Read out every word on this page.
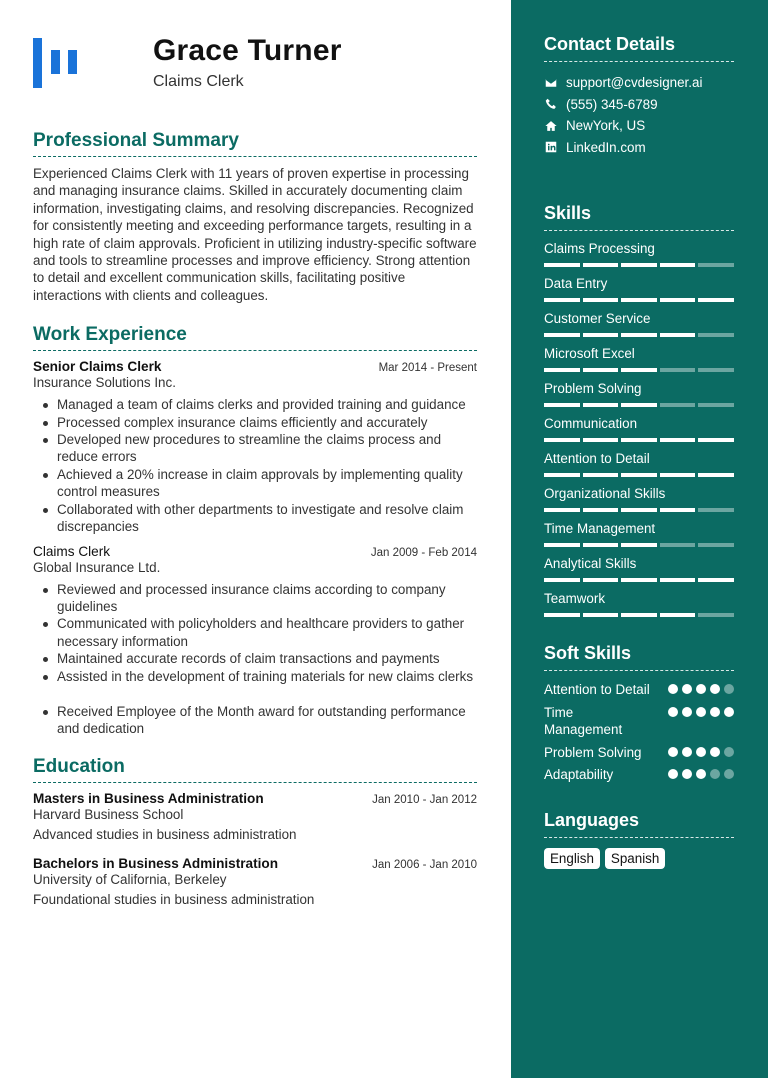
Grace Turner
Claims Clerk
Professional Summary
Experienced Claims Clerk with 11 years of proven expertise in processing and managing insurance claims. Skilled in accurately documenting claim information, investigating claims, and resolving discrepancies. Recognized for consistently meeting and exceeding performance targets, resulting in a high rate of claim approvals. Proficient in utilizing industry-specific software and tools to streamline processes and improve efficiency. Strong attention to detail and excellent communication skills, facilitating positive interactions with clients and colleagues.
Work Experience
Senior Claims Clerk	Mar 2014 - Present
Insurance Solutions Inc.
Managed a team of claims clerks and provided training and guidance
Processed complex insurance claims efficiently and accurately
Developed new procedures to streamline the claims process and reduce errors
Achieved a 20% increase in claim approvals by implementing quality control measures
Collaborated with other departments to investigate and resolve claim discrepancies
Claims Clerk	Jan 2009 - Feb 2014
Global Insurance Ltd.
Reviewed and processed insurance claims according to company guidelines
Communicated with policyholders and healthcare providers to gather necessary information
Maintained accurate records of claim transactions and payments
Assisted in the development of training materials for new claims clerks
Received Employee of the Month award for outstanding performance and dedication
Education
Masters in Business Administration	Jan 2010 - Jan 2012
Harvard Business School
Advanced studies in business administration
Bachelors in Business Administration	Jan 2006 - Jan 2010
University of California, Berkeley
Foundational studies in business administration
Contact Details
support@cvdesigner.ai
(555) 345-6789
NewYork, US
LinkedIn.com
Skills
Claims Processing
Data Entry
Customer Service
Microsoft Excel
Problem Solving
Communication
Attention to Detail
Organizational Skills
Time Management
Analytical Skills
Teamwork
Soft Skills
Attention to Detail
Time Management
Problem Solving
Adaptability
Languages
English	Spanish
